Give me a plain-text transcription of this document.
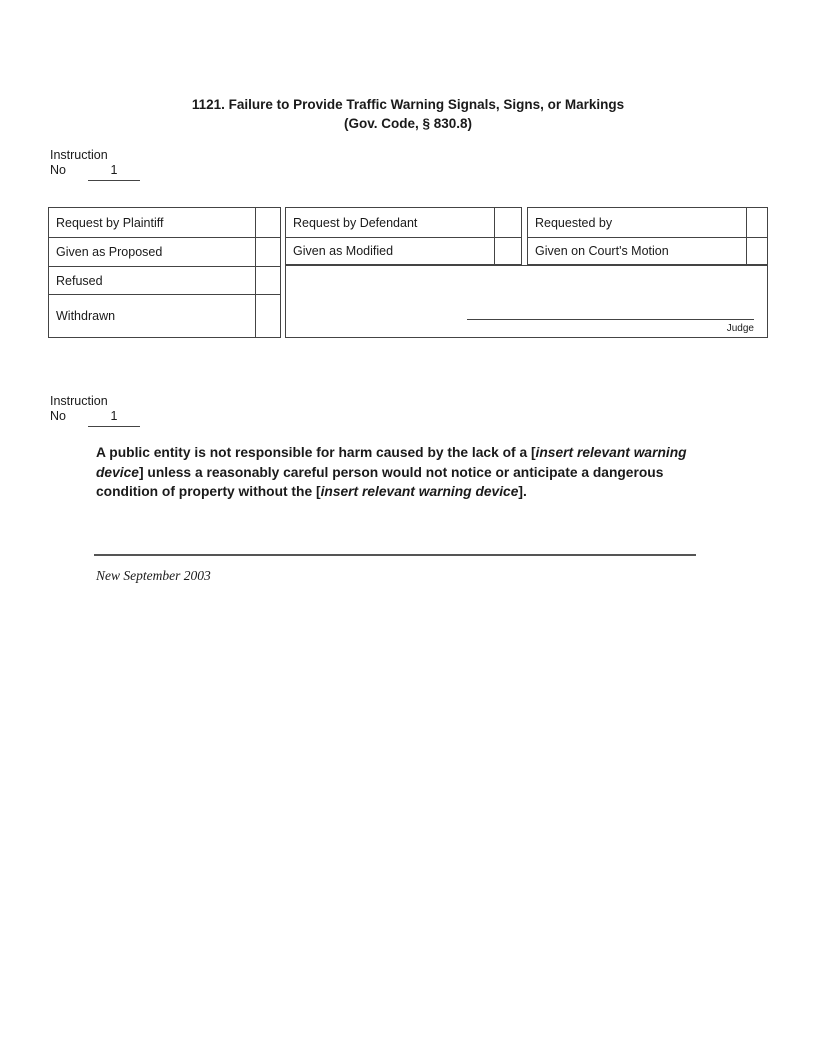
1121. Failure to Provide Traffic Warning Signals, Signs, or Markings
(Gov. Code, § 830.8)
Instruction
No	1
Request by Plaintiff
Given as Proposed
Refused
Withdrawn
Request by Defendant
Given as Modified
Requested by
Given on Court's Motion
Judge
Instruction
No	1

A public entity is not responsible for harm caused by the lack of a [insert relevant warning device] unless a reasonably careful person would not notice or anticipate a dangerous condition of property without the [insert relevant warning device].

New September 2003
